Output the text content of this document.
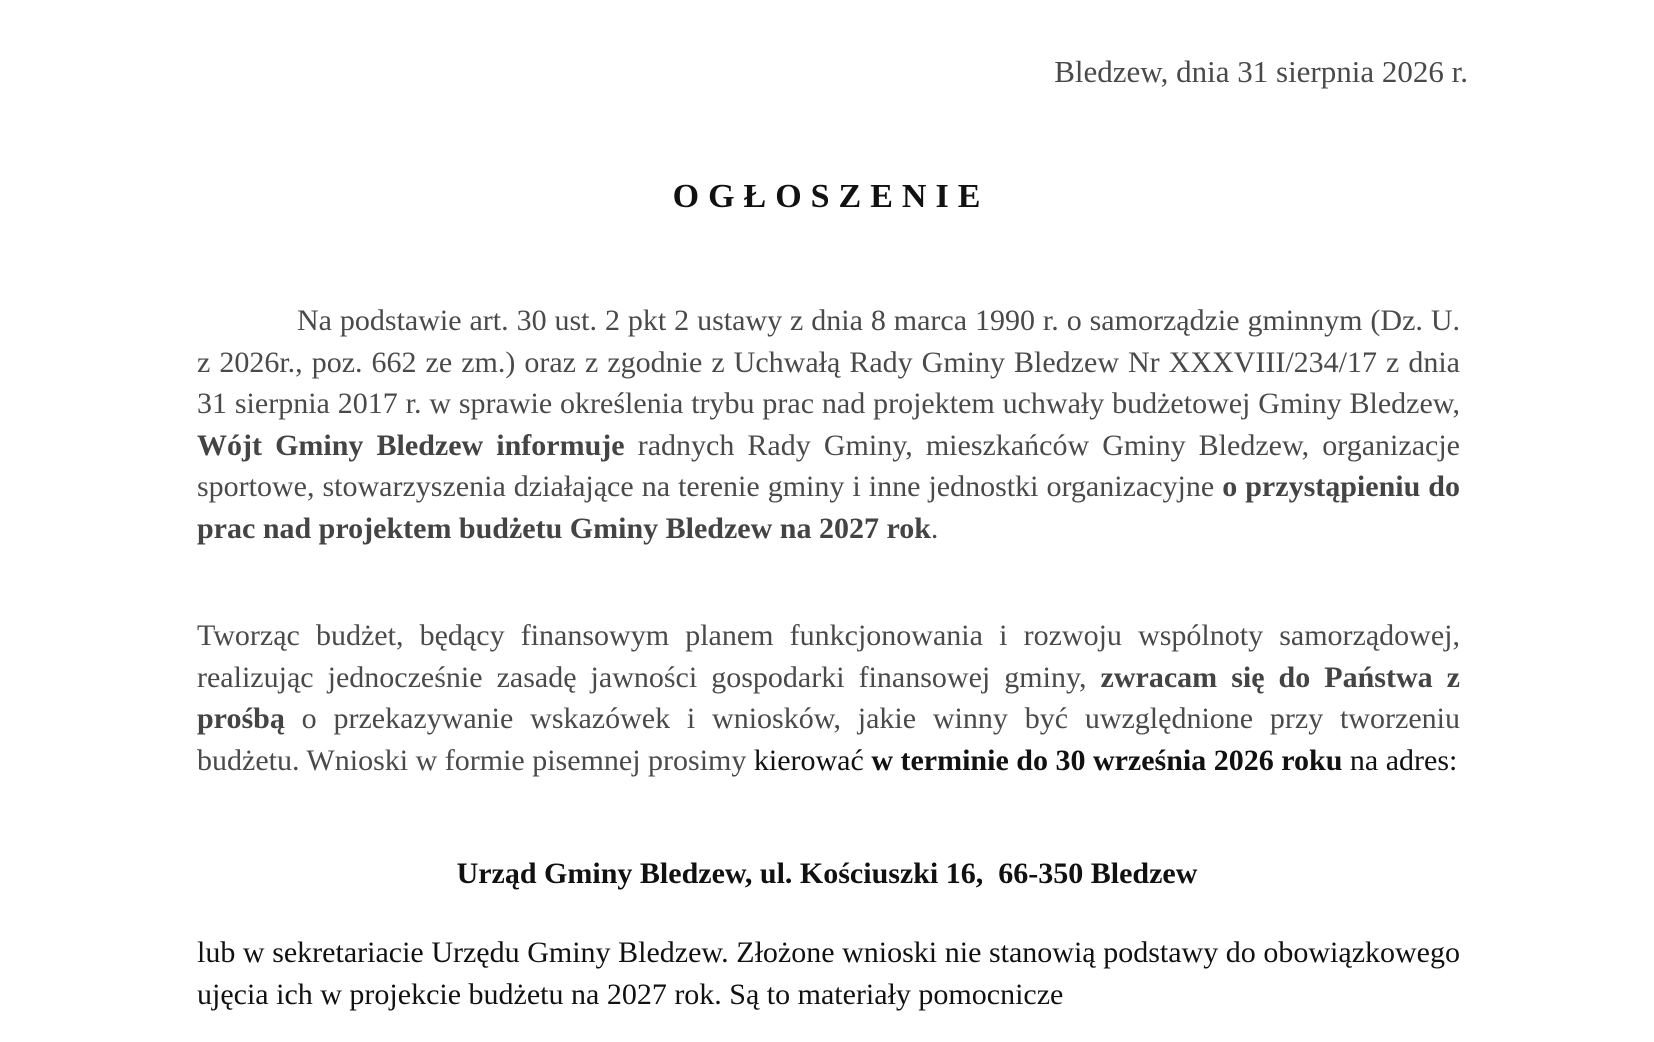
Bledzew, dnia 31 sierpnia 2026 r.
OGŁOSZENIE
Na podstawie art. 30 ust. 2 pkt 2 ustawy z dnia 8 marca 1990 r. o samorządzie gminnym (Dz. U. z 2026r., poz. 662 ze zm.) oraz z zgodnie z Uchwałą Rady Gminy Bledzew Nr XXXVIII/234/17 z dnia 31 sierpnia 2017 r. w sprawie określenia trybu prac nad projektem uchwały budżetowej Gminy Bledzew, Wójt Gminy Bledzew informuje radnych Rady Gminy, mieszkańców Gminy Bledzew, organizacje sportowe, stowarzyszenia działające na terenie gminy i inne jednostki organizacyjne o przystąpieniu do prac nad projektem budżetu Gminy Bledzew na 2027 rok.
Tworząc budżet, będący finansowym planem funkcjonowania i rozwoju wspólnoty samorządowej, realizując jednocześnie zasadę jawności gospodarki finansowej gminy, zwracam się do Państwa z prośbą o przekazywanie wskazówek i wniosków, jakie winny być uwzględnione przy tworzeniu budżetu. Wnioski w formie pisemnej prosimy kierować w terminie do 30 września 2026 roku na adres:
Urząd Gminy Bledzew, ul. Kościuszki 16,  66-350 Bledzew
lub w sekretariacie Urzędu Gminy Bledzew. Złożone wnioski nie stanowią podstawy do obowiązkowego ujęcia ich w projekcie budżetu na 2027 rok. Są to materiały pomocnicze
